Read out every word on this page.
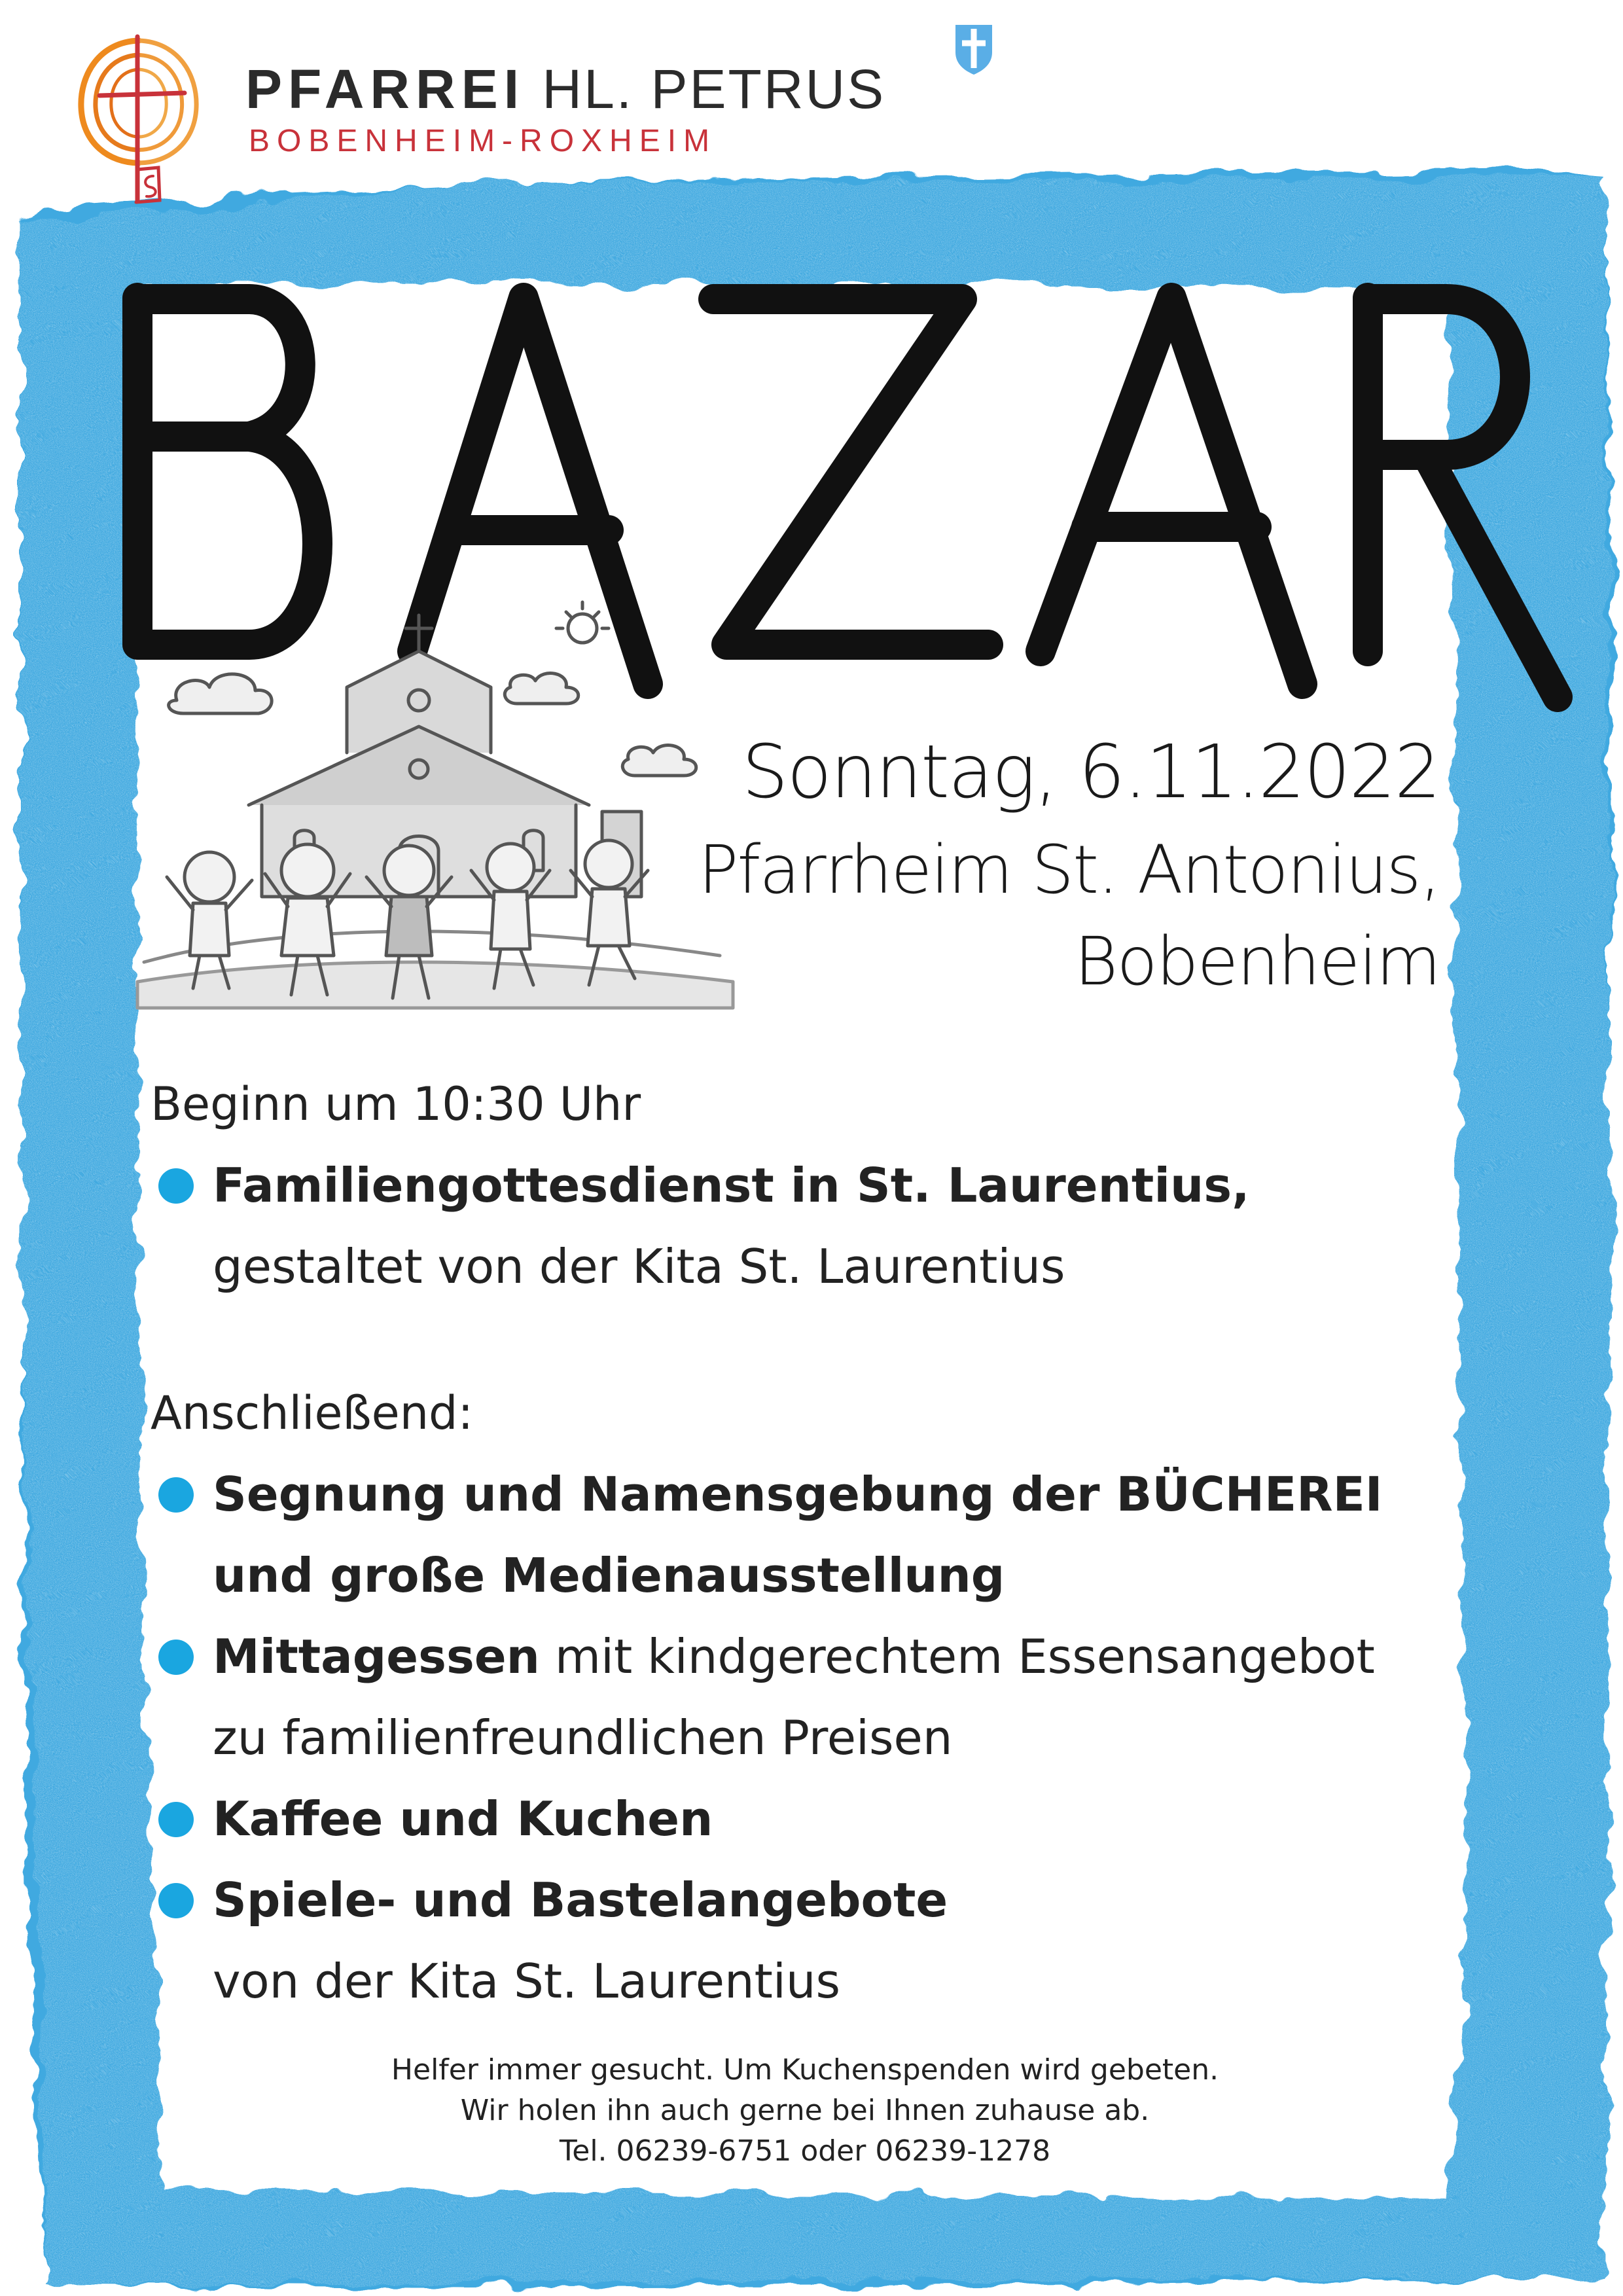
PFARREI HL. PETRUS
BOBENHEIM-ROXHEIM
Sonntag, 6.11.2022
Pfarrheim St. Antonius,
Bobenheim
Beginn um 10:30 Uhr
Familiengottesdienst in St. Laurentius,
gestaltet von der Kita St. Laurentius
Anschließend:
Segnung und Namensgebung der BÜCHEREI
und große Medienausstellung
Mittagessen mit kindgerechtem Essensangebot
zu familienfreundlichen Preisen
Kaffee und Kuchen
Spiele- und Bastelangebote
von der Kita St. Laurentius
Helfer immer gesucht. Um Kuchenspenden wird gebeten.
Wir holen ihn auch gerne bei Ihnen zuhause ab.
Tel. 06239-6751 oder 06239-1278
